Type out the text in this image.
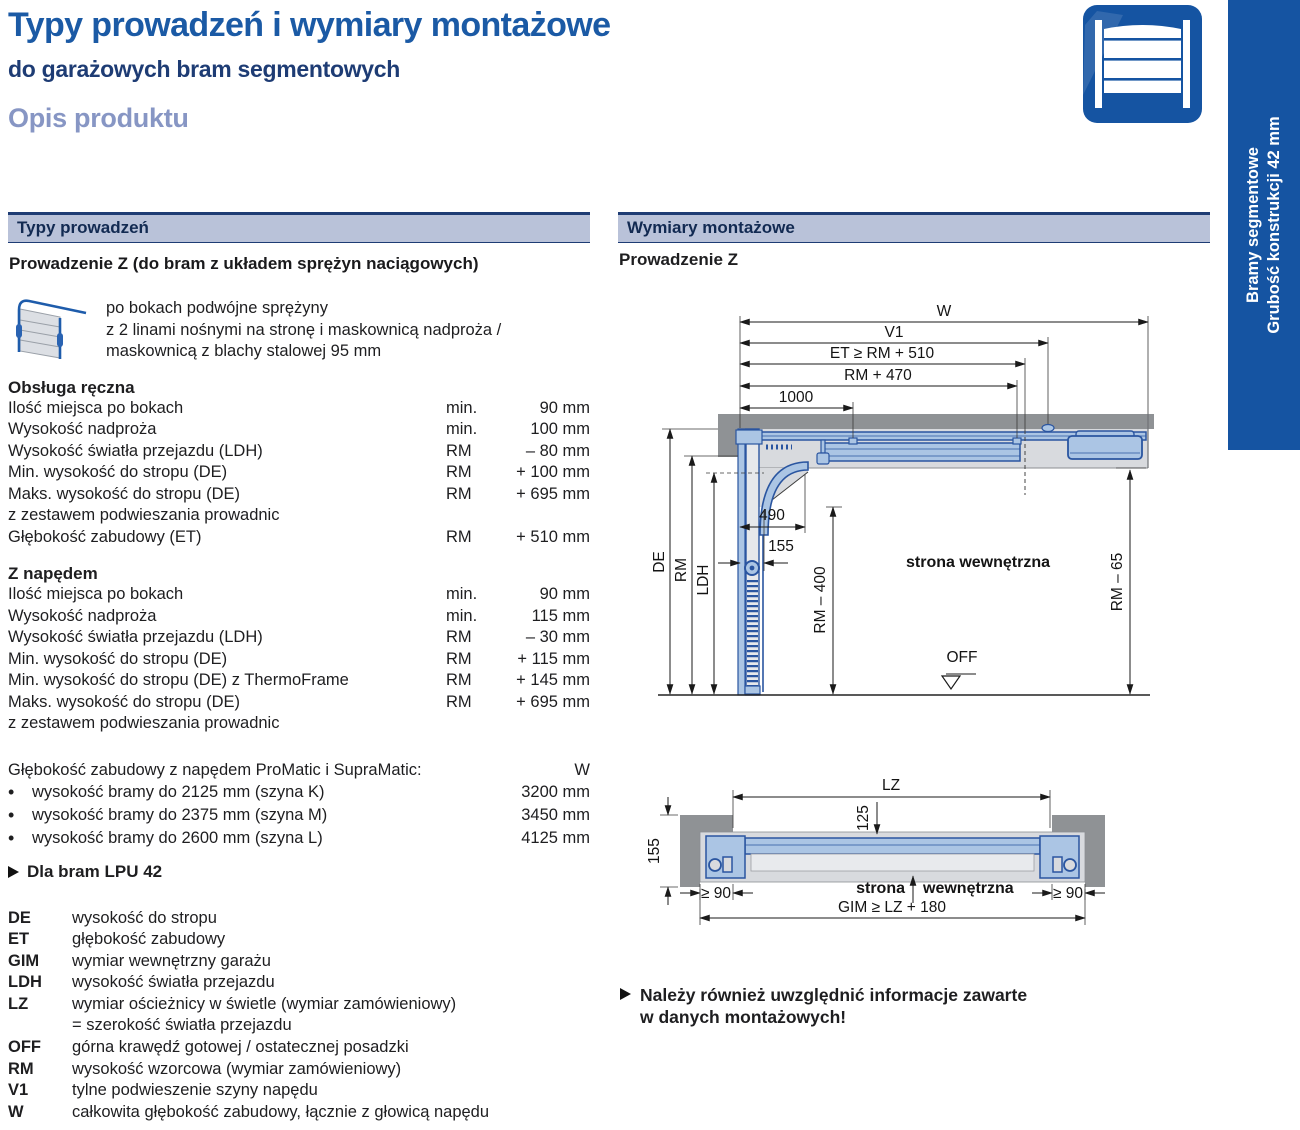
Typy prowadzeń i wymiary montażowe
do garażowych bram segmentowych
Opis produktu
Bramy segmentowe Grubość konstrukcji 42 mm
Typy prowadzeń
Prowadzenie Z (do bram z układem sprężyn naciągowych)
po bokach podwójne sprężyny
z 2 linami nośnymi na stronę i maskownicą nadproża /
maskownicą z blachy stalowej 95 mm
Obsługa ręczna
Ilość miejsca po bokach	min.	90 mm
Wysokość nadproża	min.	100 mm
Wysokość światła przejazdu (LDH)	RM	– 80 mm
Min. wysokość do stropu (DE)	RM	+ 100 mm
Maks. wysokość do stropu (DE)	RM	+ 695 mm
z zestawem podwieszania prowadnic
Głębokość zabudowy (ET)	RM	+ 510 mm
Z napędem
Ilość miejsca po bokach	min.	90 mm
Wysokość nadproża	min.	115 mm
Wysokość światła przejazdu (LDH)	RM	– 30 mm
Min. wysokość do stropu (DE)	RM	+ 115 mm
Min. wysokość do stropu (DE) z ThermoFrame	RM	+ 145 mm
Maks. wysokość do stropu (DE)	RM	+ 695 mm
z zestawem podwieszania prowadnic
Głębokość zabudowy z napędem ProMatic i SupraMatic:	W
•
wysokość bramy do 2125 mm (szyna K)	3200 mm
•
wysokość bramy do 2375 mm (szyna M)	3450 mm
•
wysokość bramy do 2600 mm (szyna L)	4125 mm
Dla bram LPU 42
DE	wysokość do stropu
ET	głębokość zabudowy
GIM	wymiar wewnętrzny garażu
LDH	wysokość światła przejazdu
LZ	wymiar ościeżnicy w świetle (wymiar zamówieniowy)
= szerokość światła przejazdu
OFF	górna krawędź gotowej / ostatecznej posadzki
RM	wysokość wzorcowa (wymiar zamówieniowy)
V1	tylne podwieszenie szyny napędu
W	całkowita głębokość zabudowy, łącznie z głowicą napędu
Wymiary montażowe
Prowadzenie Z
W
V1
ET ≥ RM + 510
RM + 470
1000
DE RM LDH	RM – 400	RM – 65
490
155
strona wewnętrzna
OFF
LZ
125
155
≥ 90	≥ 90
GIM ≥ LZ + 180
strona wewnętrzna
Należy również uwzględnić informacje zawarte
w danych montażowych!
